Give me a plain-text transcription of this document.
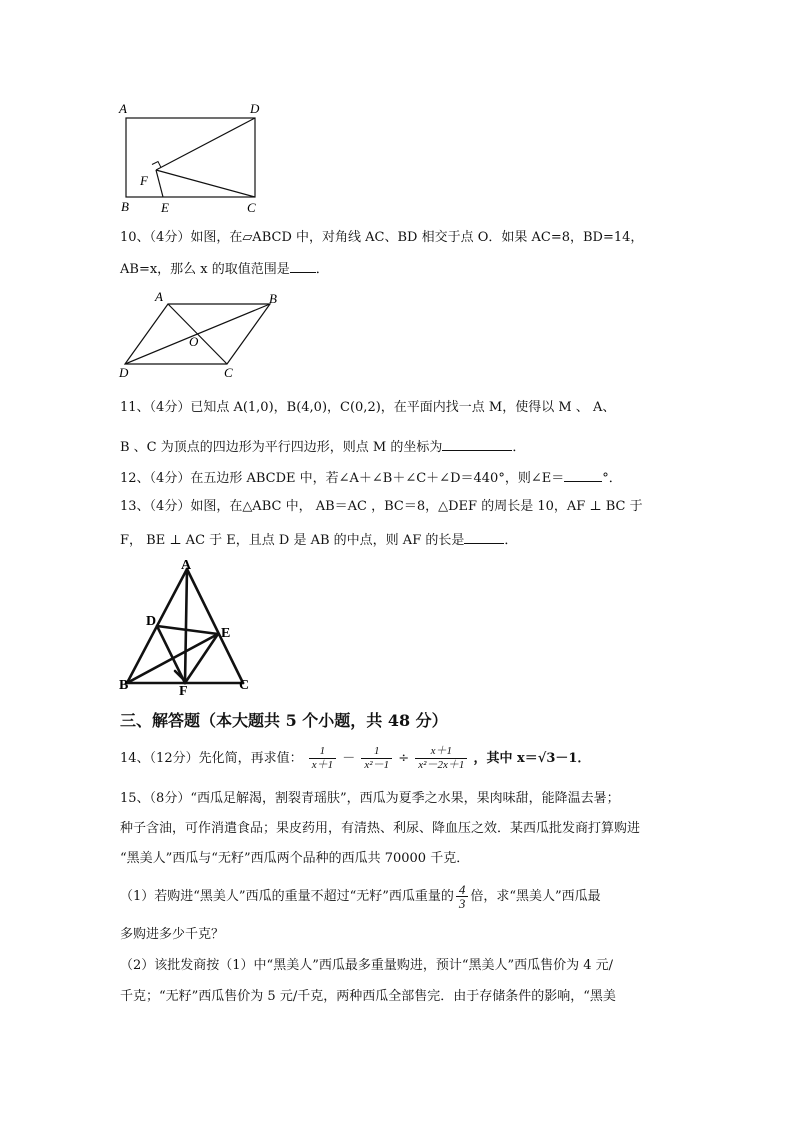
A	D
F
B E	C
10、（4分）如图，在▱ABCD 中，对角线 AC、BD 相交于点 O．如果 AC=8，BD=14，
AB=x，那么 x 的取值范围是 ．
A	B
O
D	C
11、（4分）已知点 A(1,0)，B(4,0)，C(0,2)，在平面内找一点 M，使得以 M 、 A、
B 、C 为顶点的四边形为平行四边形，则点 M 的坐标为	．
12、（4分）在五边形 ABCDE 中，若∠A＋∠B＋∠C＋∠D＝440°，则∠E＝	°．
13、（4分）如图，在△ABC 中， AB＝AC ，BC＝8，△DEF 的周长是 10，AF ⊥ BC 于
F， BE ⊥ AC 于 E，且点 D 是 AB 的中点，则 AF 的长是	．
A
D
E
B	F	C
三、解答题（本大题共 5 个小题，共 48 分）
14、（12分）先化简，再求值： $\frac{1}{x+1} - \frac{1}{\text{x²－1}} \div \frac{x+1}{\text{x²－2x＋1}}$ ，其中 x＝√3－1．
15、（8分）“西瓜足解渴，割裂青瑶肤”，西瓜为夏季之水果，果肉味甜，能降温去暑；
种子含油，可作消遣食品；果皮药用，有清热、利尿、降血压之效．某西瓜批发商打算购进
“黑美人”西瓜与“无籽”西瓜两个品种的西瓜共 70000 千克．
（1）若购进“黑美人”西瓜的重量不超过“无籽”西瓜重量的 $\frac{4}{3}$ 倍，求“黑美人”西瓜最
多购进多少千克？
（2）该批发商按（1）中“黑美人”西瓜最多重量购进，预计“黑美人”西瓜售价为 4 元/
千克；“无籽”西瓜售价为 5 元/千克，两种西瓜全部售完．由于存储条件的影响，“黑美
